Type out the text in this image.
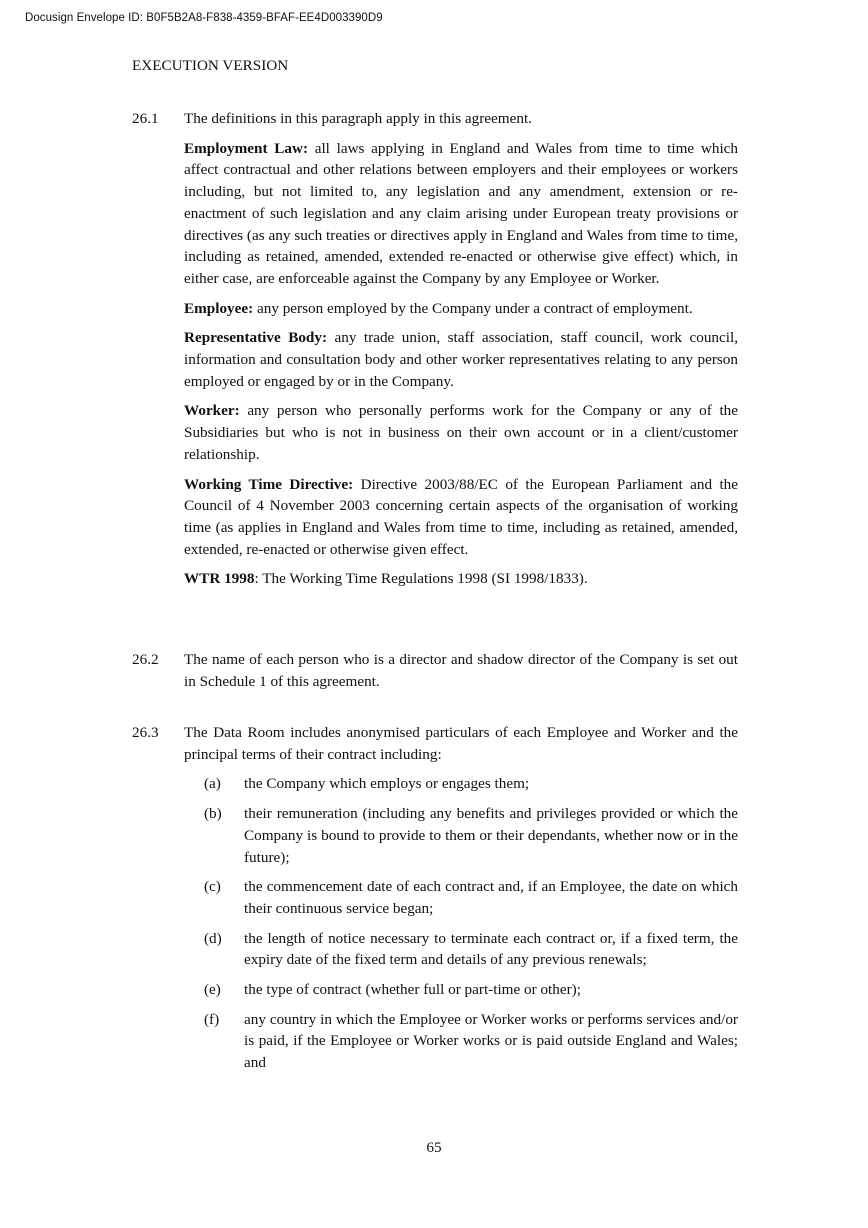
Docusign Envelope ID: B0F5B2A8-F838-4359-BFAF-EE4D003390D9
EXECUTION VERSION
26.1 The definitions in this paragraph apply in this agreement.

Employment Law: all laws applying in England and Wales from time to time which affect contractual and other relations between employers and their employees or workers including, but not limited to, any legislation and any amendment, extension or re-enactment of such legislation and any claim arising under European treaty provisions or directives (as any such treaties or directives apply in England and Wales from time to time, including as retained, amended, extended re-enacted or otherwise give effect) which, in either case, are enforceable against the Company by any Employee or Worker.

Employee: any person employed by the Company under a contract of employment.

Representative Body: any trade union, staff association, staff council, work council, information and consultation body and other worker representatives relating to any person employed or engaged by or in the Company.

Worker: any person who personally performs work for the Company or any of the Subsidiaries but who is not in business on their own account or in a client/customer relationship.

Working Time Directive: Directive 2003/88/EC of the European Parliament and the Council of 4 November 2003 concerning certain aspects of the organisation of working time (as applies in England and Wales from time to time, including as retained, amended, extended, re-enacted or otherwise given effect.

WTR 1998: The Working Time Regulations 1998 (SI 1998/1833).

26.2 The name of each person who is a director and shadow director of the Company is set out in Schedule 1 of this agreement.

26.3 The Data Room includes anonymised particulars of each Employee and Worker and the principal terms of their contract including:

(a) the Company which employs or engages them;
(b) their remuneration (including any benefits and privileges provided or which the Company is bound to provide to them or their dependants, whether now or in the future);
(c) the commencement date of each contract and, if an Employee, the date on which their continuous service began;
(d) the length of notice necessary to terminate each contract or, if a fixed term, the expiry date of the fixed term and details of any previous renewals;
(e) the type of contract (whether full or part-time or other);
(f) any country in which the Employee or Worker works or performs services and/or is paid, if the Employee or Worker works or is paid outside England and Wales; and
65
